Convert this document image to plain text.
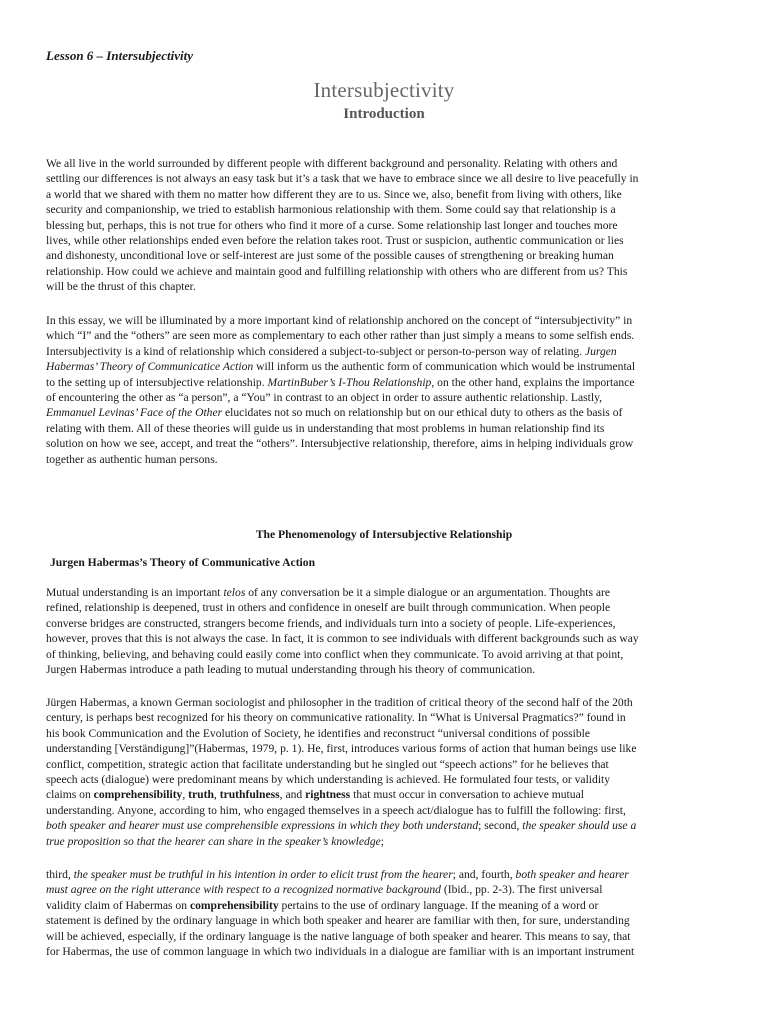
Lesson 6 – Intersubjectivity
Intersubjectivity
Introduction

We all live in the world surrounded by different people with different background and personality. Relating with others and
settling our differences is not always an easy task but it’s a task that we have to embrace since we all desire to live peacefully in
a world that we shared with them no matter how different they are to us. Since we, also, benefit from living with others, like
security and companionship, we tried to establish harmonious relationship with them. Some could say that relationship is a
blessing but, perhaps, this is not true for others who find it more of a curse. Some relationship last longer and touches more
lives, while other relationships ended even before the relation takes root. Trust or suspicion, authentic communication or lies
and dishonesty, unconditional love or self-interest are just some of the possible causes of strengthening or breaking human
relationship. How could we achieve and maintain good and fulfilling relationship with others who are different from us? This
will be the thrust of this chapter.

In this essay, we will be illuminated by a more important kind of relationship anchored on the concept of “intersubjectivity” in
which “I” and the “others” are seen more as complementary to each other rather than just simply a means to some selfish ends.
Intersubjectivity is a kind of relationship which considered a subject-to-subject or person-to-person way of relating. Jurgen
Habermas’ Theory of Communicatice Action will inform us the authentic form of communication which would be instrumental
to the setting up of intersubjective relationship. MartinBuber’s I-Thou Relationship, on the other hand, explains the importance
of encountering the other as “a person”, a “You” in contrast to an object in order to assure authentic relationship. Lastly,
Emmanuel Levinas’ Face of the Other elucidates not so much on relationship but on our ethical duty to others as the basis of
relating with them. All of these theories will guide us in understanding that most problems in human relationship find its
solution on how we see, accept, and treat the “others”. Intersubjective relationship, therefore, aims in helping individuals grow
together as authentic human persons.

The Phenomenology of Intersubjective Relationship
Jurgen Habermas’s Theory of Communicative Action

Mutual understanding is an important telos of any conversation be it a simple dialogue or an argumentation. Thoughts are
refined, relationship is deepened, trust in others and confidence in oneself are built through communication. When people
converse bridges are constructed, strangers become friends, and individuals turn into a society of people. Life-experiences,
however, proves that this is not always the case. In fact, it is common to see individuals with different backgrounds such as way
of thinking, believing, and behaving could easily come into conflict when they communicate. To avoid arriving at that point,
Jurgen Habermas introduce a path leading to mutual understanding through his theory of communication.

Jürgen Habermas, a known German sociologist and philosopher in the tradition of critical theory of the second half of the 20th
century, is perhaps best recognized for his theory on communicative rationality. In “What is Universal Pragmatics?” found in
his book Communication and the Evolution of Society, he identifies and reconstruct “universal conditions of possible
understanding [Verständigung]”(Habermas, 1979, p. 1). He, first, introduces various forms of action that human beings use like
conflict, competition, strategic action that facilitate understanding but he singled out “speech actions” for he believes that
speech acts (dialogue) were predominant means by which understanding is achieved. He formulated four tests, or validity
claims on comprehensibility, truth, truthfulness, and rightness that must occur in conversation to achieve mutual
understanding. Anyone, according to him, who engaged themselves in a speech act/dialogue has to fulfill the following: first,
both speaker and hearer must use comprehensible expressions in which they both understand; second, the speaker should use a
true proposition so that the hearer can share in the speaker’s knowledge;

third, the speaker must be truthful in his intention in order to elicit trust from the hearer; and, fourth, both speaker and hearer
must agree on the right utterance with respect to a recognized normative background (Ibid., pp. 2-3). The first universal
validity claim of Habermas on comprehensibility pertains to the use of ordinary language. If the meaning of a word or
statement is defined by the ordinary language in which both speaker and hearer are familiar with then, for sure, understanding
will be achieved, especially, if the ordinary language is the native language of both speaker and hearer. This means to say, that
for Habermas, the use of common language in which two individuals in a dialogue are familiar with is an important instrument
